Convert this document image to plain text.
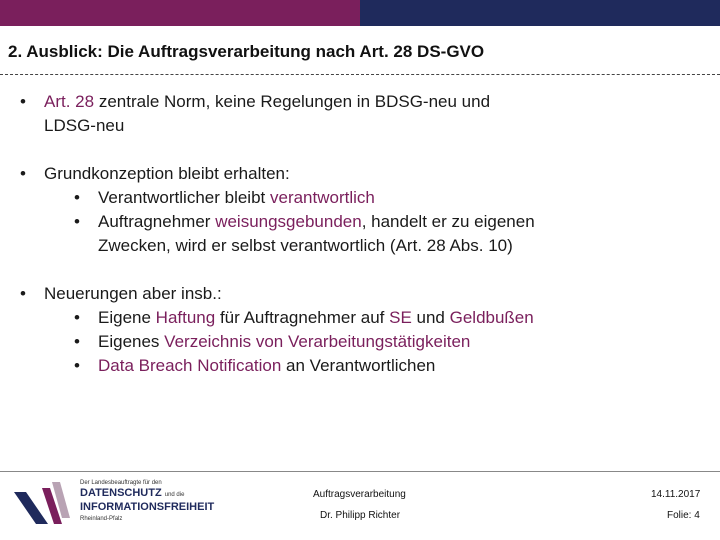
2. Ausblick: Die Auftragsverarbeitung nach Art. 28 DS-GVO
•	Art. 28 zentrale Norm, keine Regelungen in BDSG-neu und
LDSG-neu
•	Grundkonzeption bleibt erhalten:
•	Verantwortlicher bleibt verantwortlich
•	Auftragnehmer weisungsgebunden, handelt er zu eigenen
Zwecken, wird er selbst verantwortlich (Art. 28 Abs. 10)
•	Neuerungen aber insb.:
•	Eigene Haftung für Auftragnehmer auf SE und Geldbußen
•	Eigenes Verzeichnis von Verarbeitungstätigkeiten
•	Data Breach Notification an Verantwortlichen
Der Landesbeauftragte für den
DATENSCHUTZ und die
INFORMATIONSFREIHEIT
Rheinland-Pfalz
Auftragsverarbeitung
Dr. Philipp Richter
14.11.2017
Folie: 4
